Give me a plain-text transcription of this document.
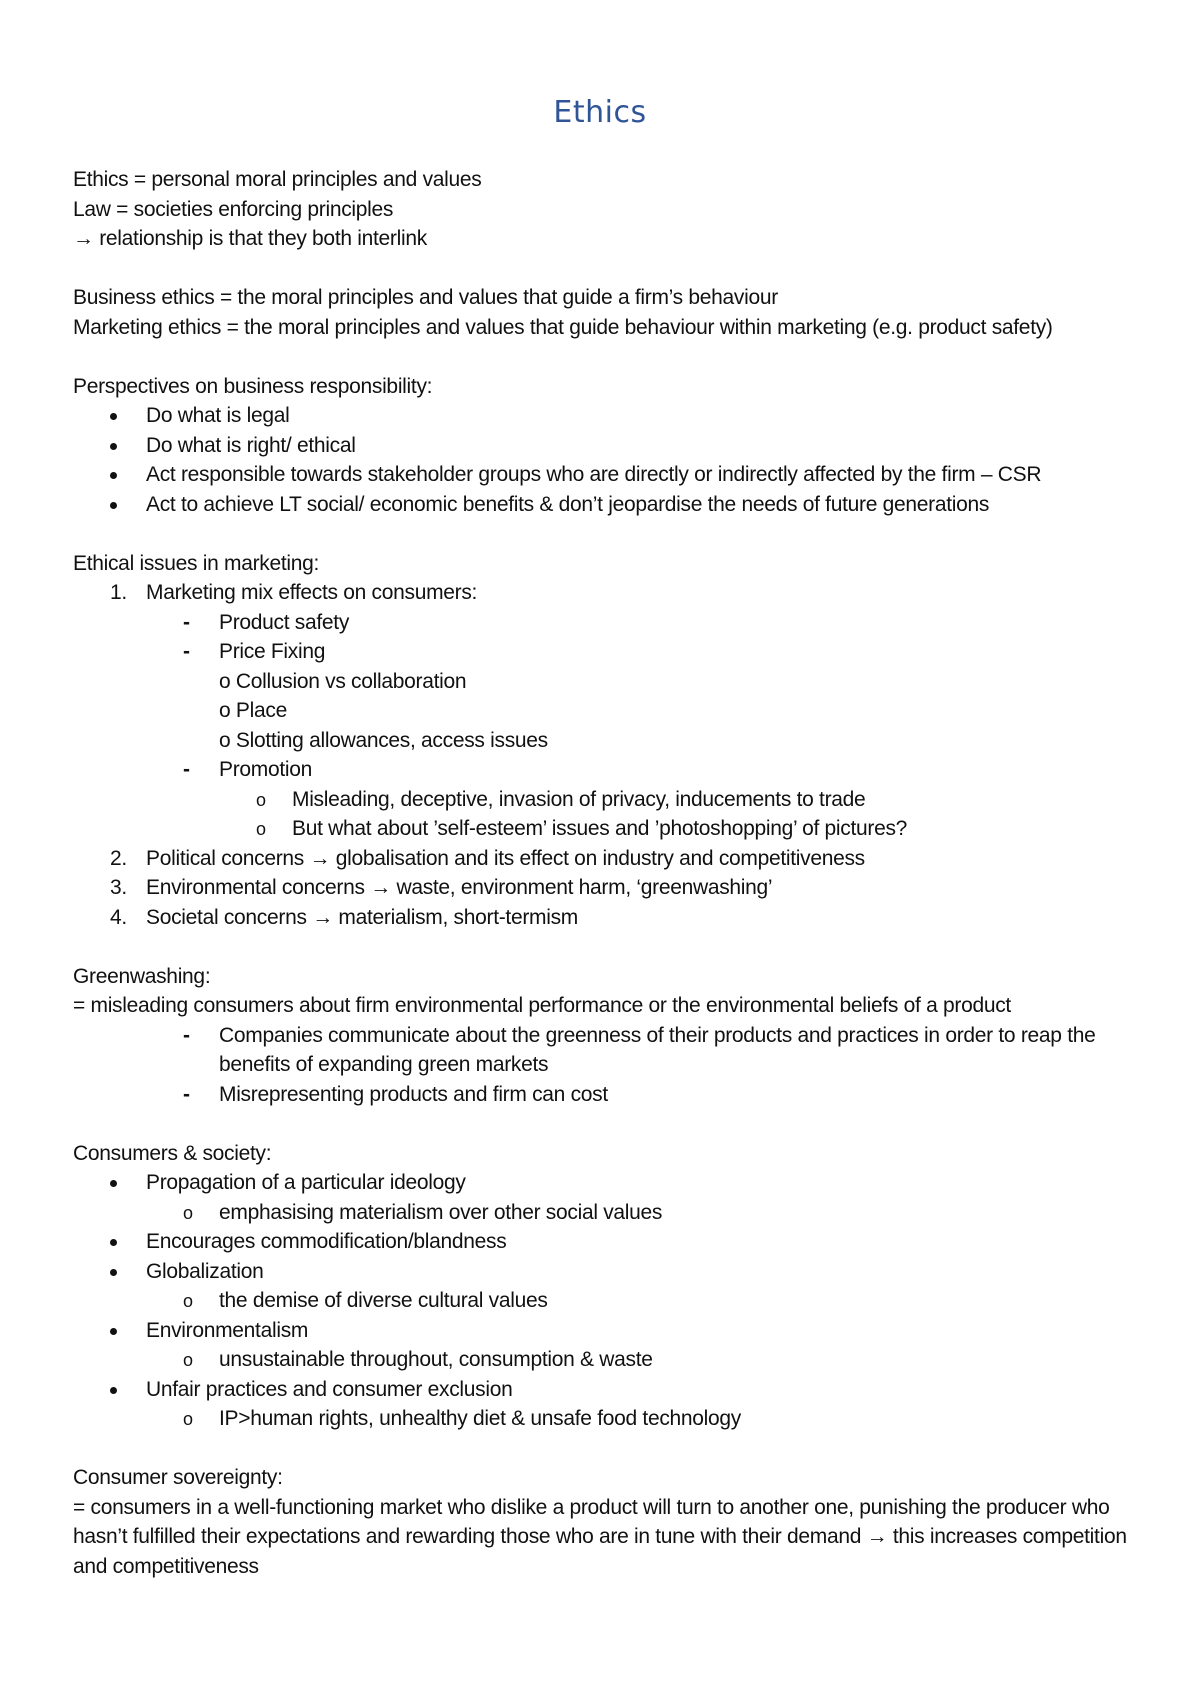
Ethics
Ethics = personal moral principles and values
Law = societies enforcing principles
→ relationship is that they both interlink
Business ethics = the moral principles and values that guide a firm’s behaviour
Marketing ethics = the moral principles and values that guide behaviour within marketing (e.g. product safety)
Perspectives on business responsibility:
Do what is legal
Do what is right/ ethical
Act responsible towards stakeholder groups who are directly or indirectly affected by the firm – CSR
Act to achieve LT social/ economic benefits & don’t jeopardise the needs of future generations
Ethical issues in marketing:
1. Marketing mix effects on consumers:
- Product safety
- Price Fixing
o Collusion vs collaboration
o Place
o Slotting allowances, access issues
- Promotion
o Misleading, deceptive, invasion of privacy, inducements to trade
o But what about ’self-esteem’ issues and ’photoshopping’ of pictures?
2. Political concerns → globalisation and its effect on industry and competitiveness
3. Environmental concerns → waste, environment harm, ‘greenwashing’
4. Societal concerns → materialism, short-termism
Greenwashing:
= misleading consumers about firm environmental performance or the environmental beliefs of a product
- Companies communicate about the greenness of their products and practices in order to reap the benefits of expanding green markets
- Misrepresenting products and firm can cost
Consumers & society:
Propagation of a particular ideology
o emphasising materialism over other social values
Encourages commodification/blandness
Globalization
o the demise of diverse cultural values
Environmentalism
o unsustainable throughout, consumption & waste
Unfair practices and consumer exclusion
o IP>human rights, unhealthy diet & unsafe food technology
Consumer sovereignty:
= consumers in a well-functioning market who dislike a product will turn to another one, punishing the producer who hasn’t fulfilled their expectations and rewarding those who are in tune with their demand → this increases competition and competitiveness
